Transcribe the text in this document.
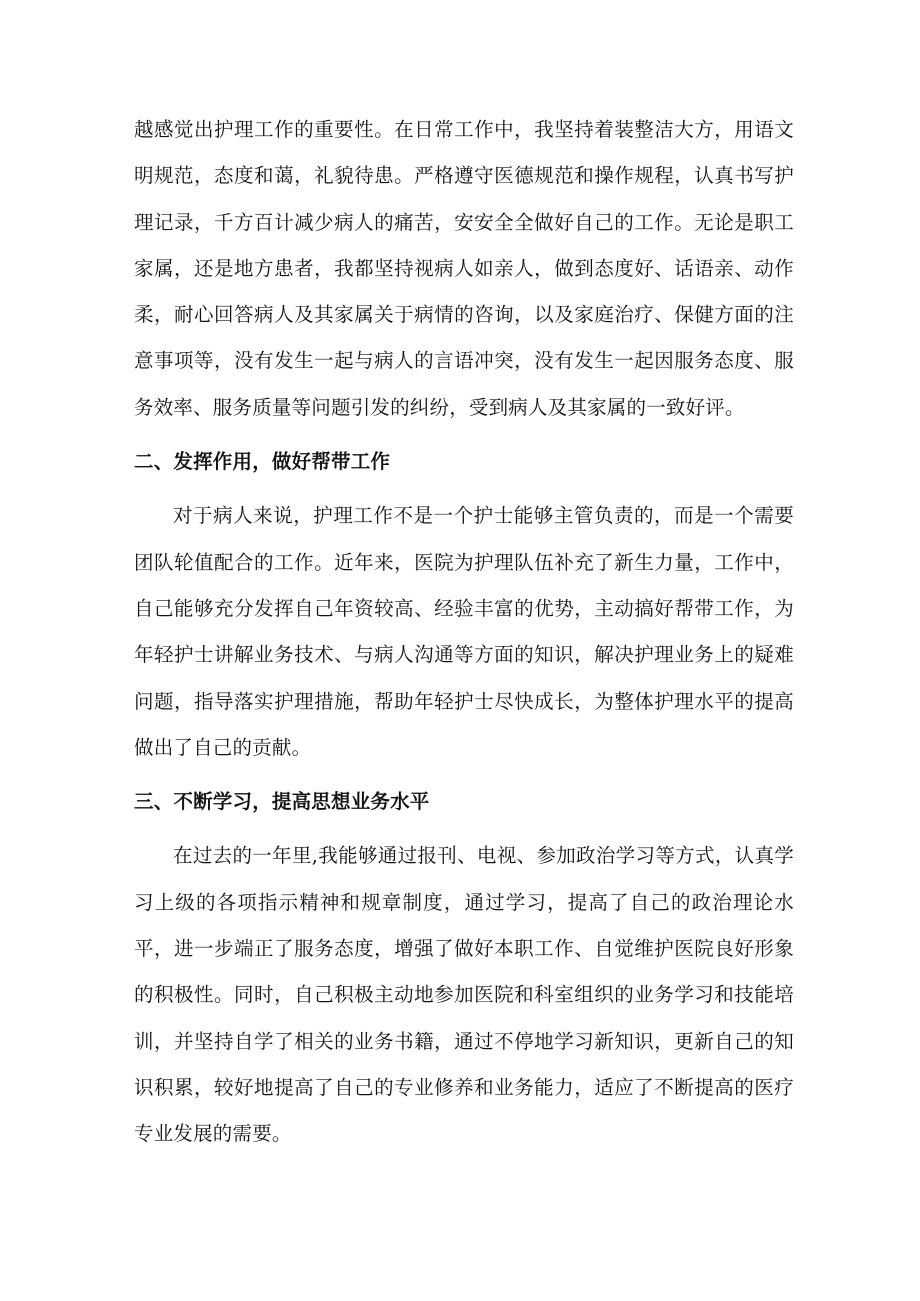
越感觉出护理工作的重要性。在日常工作中，我坚持着装整洁大方，用语文明规范，态度和蔼，礼貌待患。严格遵守医德规范和操作规程，认真书写护理记录，千方百计减少病人的痛苦，安安全全做好自己的工作。无论是职工家属，还是地方患者，我都坚持视病人如亲人，做到态度好、话语亲、动作柔，耐心回答病人及其家属关于病情的咨询，以及家庭治疗、保健方面的注意事项等，没有发生一起与病人的言语冲突，没有发生一起因服务态度、服务效率、服务质量等问题引发的纠纷，受到病人及其家属的一致好评。

二、发挥作用，做好帮带工作

对于病人来说，护理工作不是一个护士能够主管负责的，而是一个需要团队轮值配合的工作。近年来，医院为护理队伍补充了新生力量，工作中，自己能够充分发挥自己年资较高、经验丰富的优势，主动搞好帮带工作，为年轻护士讲解业务技术、与病人沟通等方面的知识，解决护理业务上的疑难问题，指导落实护理措施，帮助年轻护士尽快成长，为整体护理水平的提高做出了自己的贡献。

三、不断学习，提高思想业务水平

在过去的一年里,我能够通过报刊、电视、参加政治学习等方式，认真学习上级的各项指示精神和规章制度，通过学习，提高了自己的政治理论水平，进一步端正了服务态度，增强了做好本职工作、自觉维护医院良好形象的积极性。同时，自己积极主动地参加医院和科室组织的业务学习和技能培训，并坚持自学了相关的业务书籍，通过不停地学习新知识，更新自己的知识积累，较好地提高了自己的专业修养和业务能力，适应了不断提高的医疗专业发展的需要。
